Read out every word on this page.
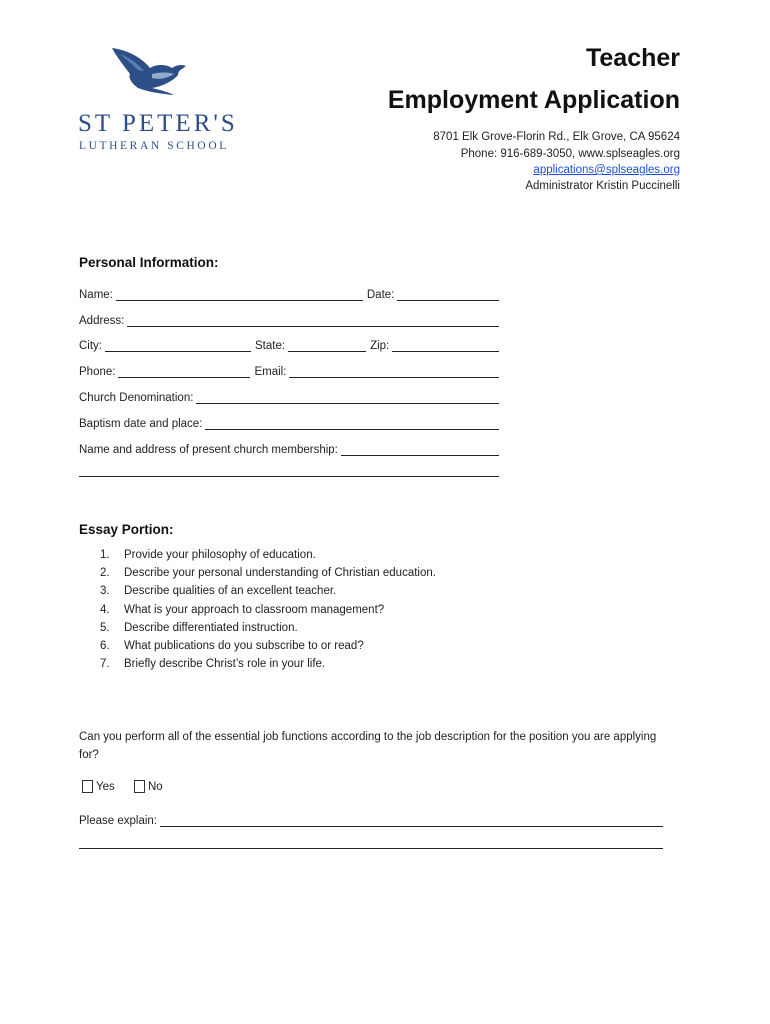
ST PETER'S
LUTHERAN SCHOOL
Teacher
Employment Application
8701 Elk Grove-Florin Rd., Elk Grove, CA 95624
Phone: 916-689-3050, www.splseagles.org
applications@splseagles.org
Administrator Kristin Puccinelli
Personal Information:
Name:	Date:
Address:
City:	State:	Zip:
Phone:	Email:
Church Denomination:
Baptism date and place:
Name and address of present church membership:
Essay Portion:
1.	Provide your philosophy of education.
2.	Describe your personal understanding of Christian education.
3.	Describe qualities of an excellent teacher.
4.	What is your approach to classroom management?
5.	Describe differentiated instruction.
6.	What publications do you subscribe to or read?
7.	Briefly describe Christ’s role in your life.
Can you perform all of the essential job functions according to the job description for the position you are applying for?
Yes	No
Please explain:
